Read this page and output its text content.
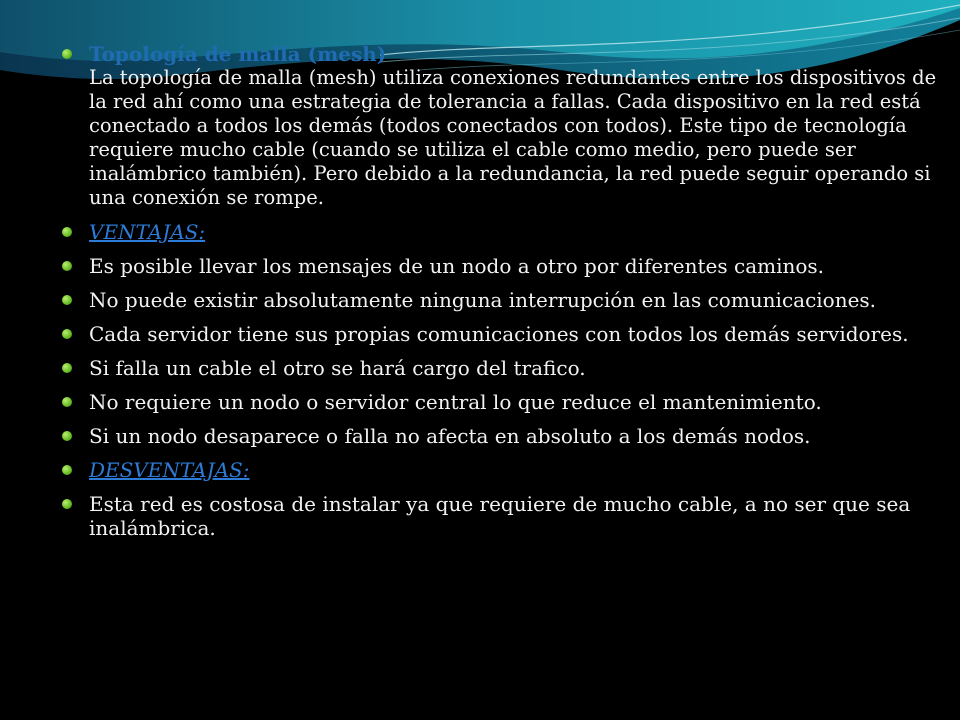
Topología de malla (mesh)
La topología de malla (mesh) utiliza conexiones redundantes entre los dispositivos de la red ahí como una estrategia de tolerancia a fallas. Cada dispositivo en la red está conectado a todos los demás (todos conectados con todos). Este tipo de tecnología requiere mucho cable (cuando se utiliza el cable como medio, pero puede ser inalámbrico también). Pero debido a la redundancia, la red puede seguir operando si una conexión se rompe.
VENTAJAS:
Es posible llevar los mensajes de un nodo a otro por diferentes caminos.
No puede existir absolutamente ninguna interrupción en las comunicaciones.
Cada servidor tiene sus propias comunicaciones con todos los demás servidores.
Si falla un cable el otro se hará cargo del trafico.
No requiere un nodo o servidor central lo que reduce el mantenimiento.
Si un nodo desaparece o falla no afecta en absoluto a los demás nodos.
DESVENTAJAS:
Esta red es costosa de instalar ya que requiere de mucho cable, a no ser que sea inalámbrica.
